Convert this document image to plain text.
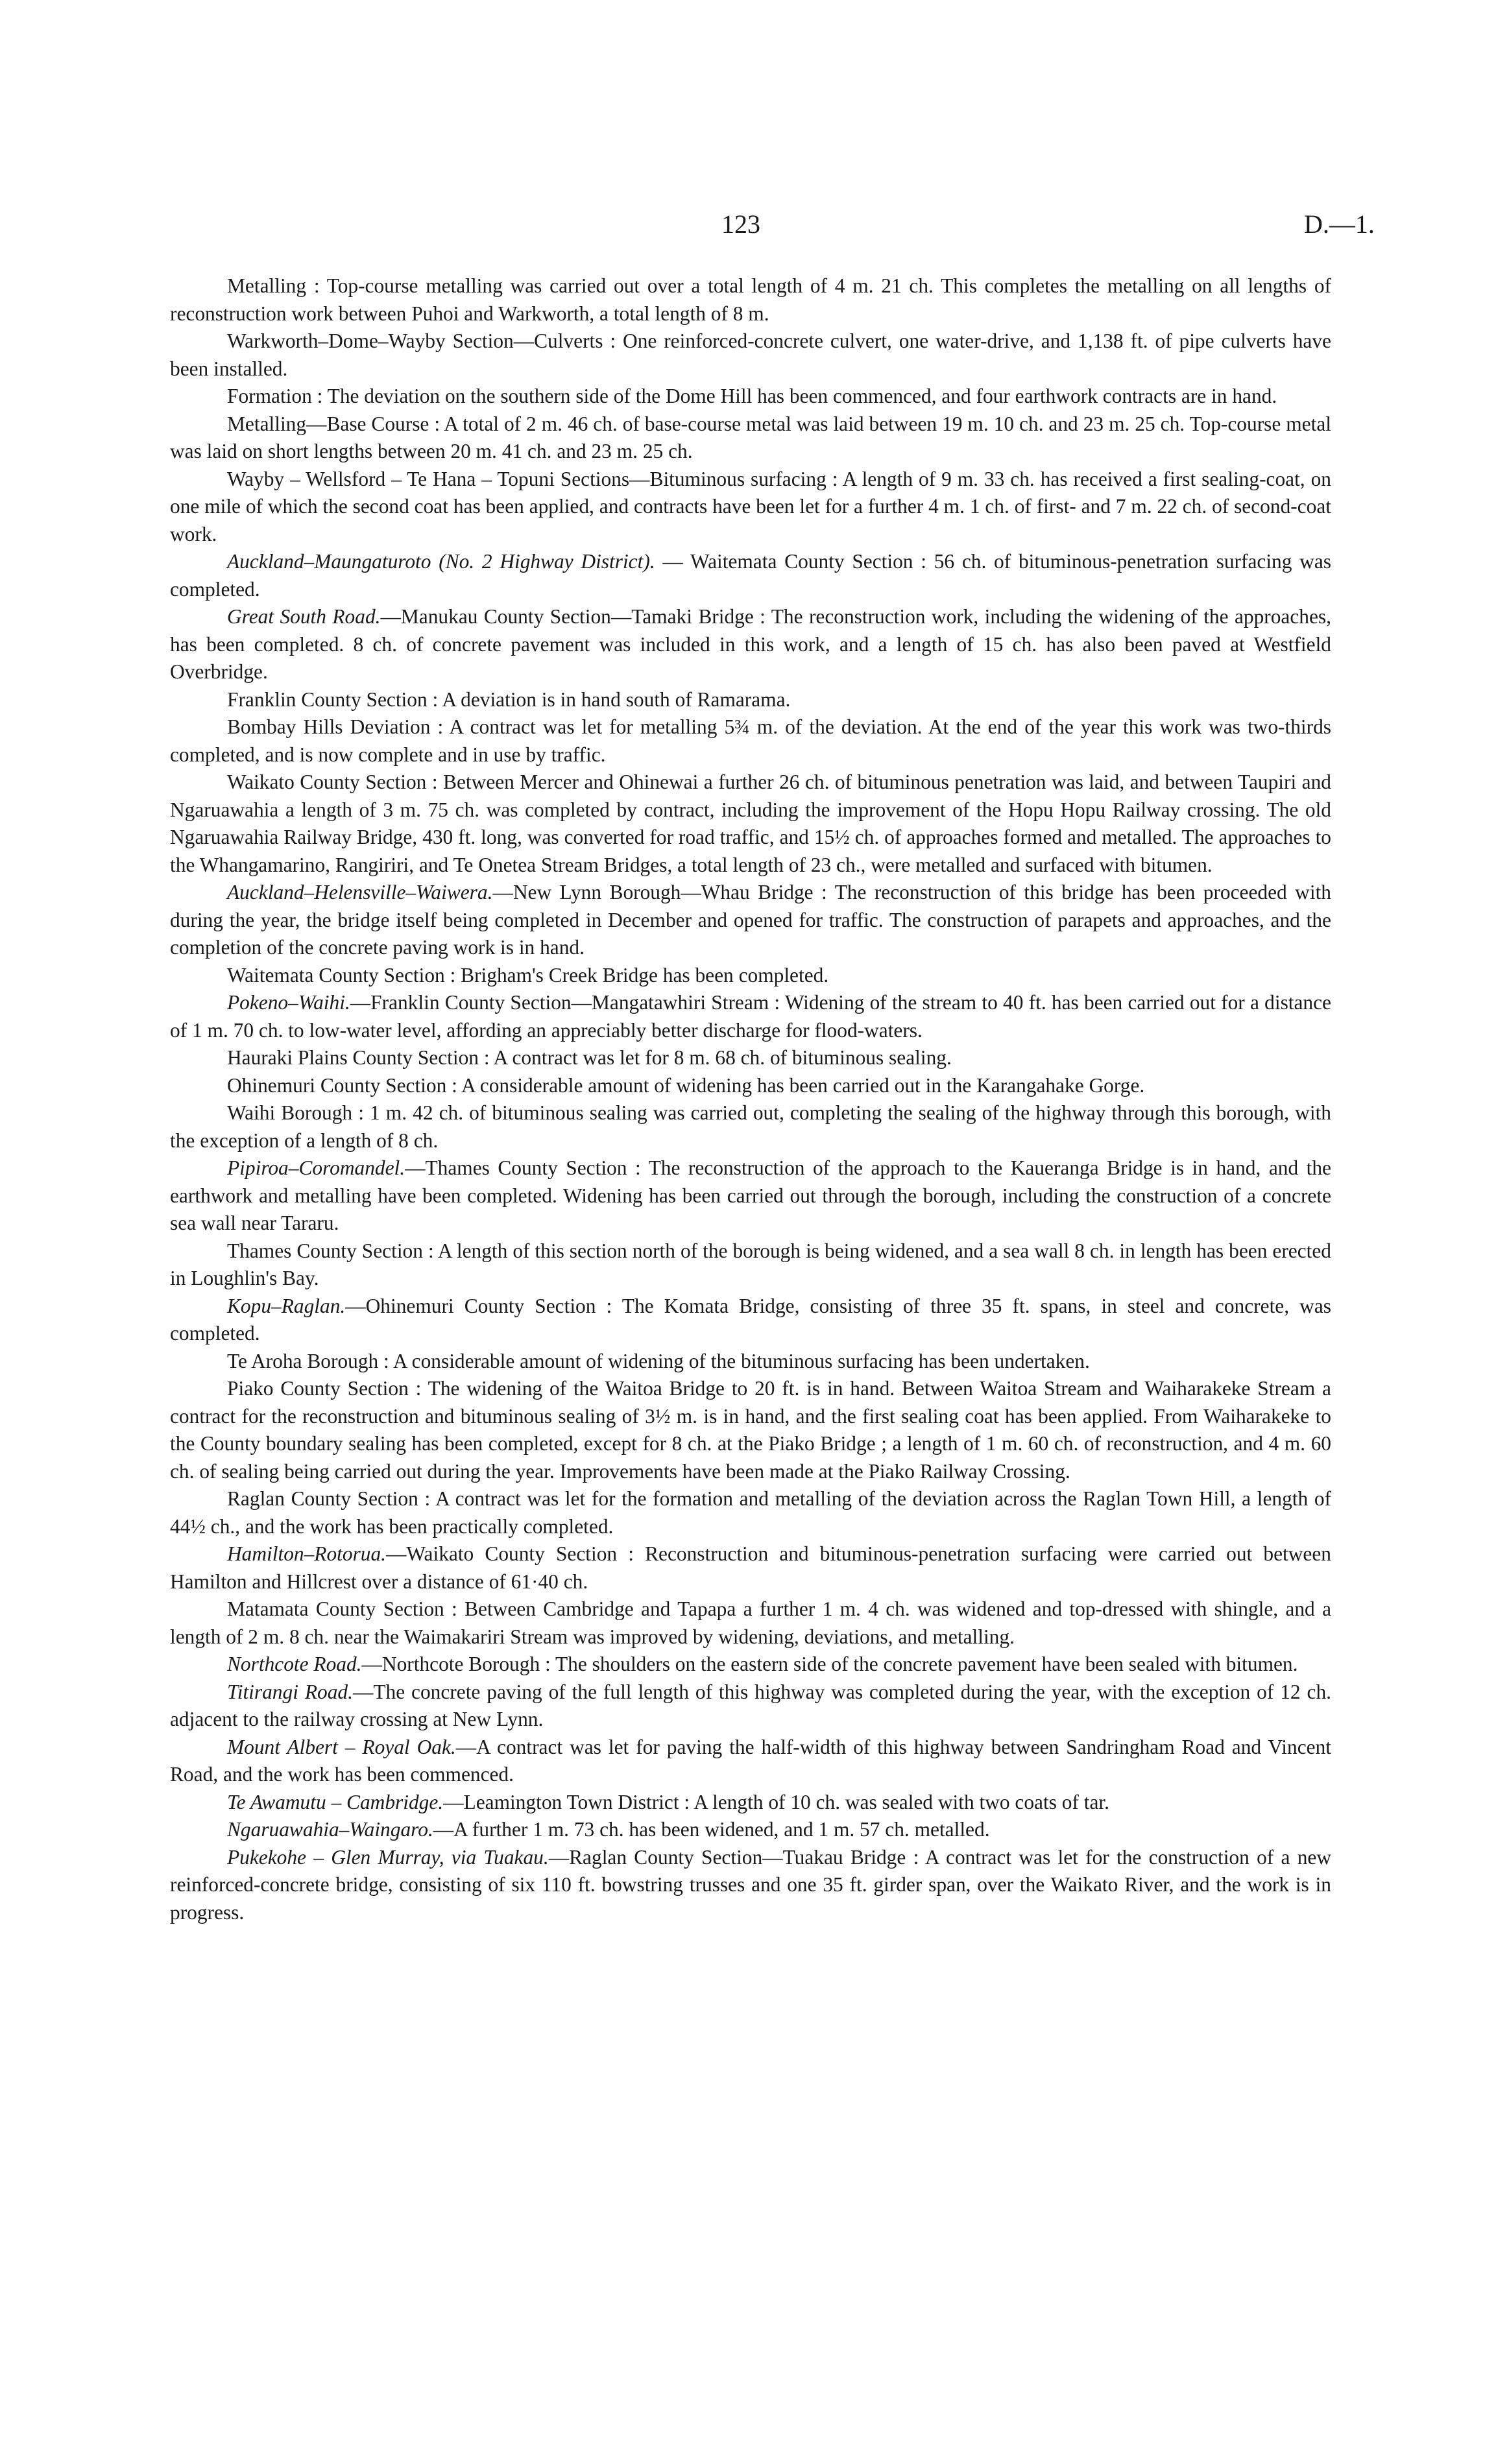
123	D.—1.

Metalling : Top-course metalling was carried out over a total length of 4 m. 21 ch. This completes the metalling on all lengths of reconstruction work between Puhoi and Warkworth, a total length of 8 m.

Warkworth–Dome–Wayby Section—Culverts : One reinforced-concrete culvert, one water-drive, and 1,138 ft. of pipe culverts have been installed.

Formation : The deviation on the southern side of the Dome Hill has been commenced, and four earthwork contracts are in hand.

Metalling—Base Course : A total of 2 m. 46 ch. of base-course metal was laid between 19 m. 10 ch. and 23 m. 25 ch. Top-course metal was laid on short lengths between 20 m. 41 ch. and 23 m. 25 ch.

Wayby – Wellsford – Te Hana – Topuni Sections—Bituminous surfacing : A length of 9 m. 33 ch. has received a first sealing-coat, on one mile of which the second coat has been applied, and contracts have been let for a further 4 m. 1 ch. of first- and 7 m. 22 ch. of second-coat work.

Auckland–Maungaturoto (No. 2 Highway District). — Waitemata County Section : 56 ch. of bituminous-penetration surfacing was completed.

Great South Road.—Manukau County Section—Tamaki Bridge : The reconstruction work, including the widening of the approaches, has been completed. 8 ch. of concrete pavement was included in this work, and a length of 15 ch. has also been paved at Westfield Overbridge.

Franklin County Section : A deviation is in hand south of Ramarama.

Bombay Hills Deviation : A contract was let for metalling 5¾ m. of the deviation. At the end of the year this work was two-thirds completed, and is now complete and in use by traffic.

Waikato County Section : Between Mercer and Ohinewai a further 26 ch. of bituminous penetration was laid, and between Taupiri and Ngaruawahia a length of 3 m. 75 ch. was completed by contract, including the improvement of the Hopu Hopu Railway crossing. The old Ngaruawahia Railway Bridge, 430 ft. long, was converted for road traffic, and 15½ ch. of approaches formed and metalled. The approaches to the Whangamarino, Rangiriri, and Te Onetea Stream Bridges, a total length of 23 ch., were metalled and surfaced with bitumen.

Auckland–Helensville–Waiwera.—New Lynn Borough—Whau Bridge : The reconstruction of this bridge has been proceeded with during the year, the bridge itself being completed in December and opened for traffic. The construction of parapets and approaches, and the completion of the concrete paving work is in hand.

Waitemata County Section : Brigham's Creek Bridge has been completed.

Pokeno–Waihi.—Franklin County Section—Mangatawhiri Stream : Widening of the stream to 40 ft. has been carried out for a distance of 1 m. 70 ch. to low-water level, affording an appreciably better discharge for flood-waters.

Hauraki Plains County Section : A contract was let for 8 m. 68 ch. of bituminous sealing.

Ohinemuri County Section : A considerable amount of widening has been carried out in the Karangahake Gorge.

Waihi Borough : 1 m. 42 ch. of bituminous sealing was carried out, completing the sealing of the highway through this borough, with the exception of a length of 8 ch.

Pipiroa–Coromandel.—Thames County Section : The reconstruction of the approach to the Kaueranga Bridge is in hand, and the earthwork and metalling have been completed. Widening has been carried out through the borough, including the construction of a concrete sea wall near Tararu.

Thames County Section : A length of this section north of the borough is being widened, and a sea wall 8 ch. in length has been erected in Loughlin's Bay.

Kopu–Raglan.—Ohinemuri County Section : The Komata Bridge, consisting of three 35 ft. spans, in steel and concrete, was completed.

Te Aroha Borough : A considerable amount of widening of the bituminous surfacing has been undertaken.

Piako County Section : The widening of the Waitoa Bridge to 20 ft. is in hand. Between Waitoa Stream and Waiharakeke Stream a contract for the reconstruction and bituminous sealing of 3½ m. is in hand, and the first sealing coat has been applied. From Waiharakeke to the County boundary sealing has been completed, except for 8 ch. at the Piako Bridge ; a length of 1 m. 60 ch. of reconstruction, and 4 m. 60 ch. of sealing being carried out during the year. Improvements have been made at the Piako Railway Crossing.

Raglan County Section : A contract was let for the formation and metalling of the deviation across the Raglan Town Hill, a length of 44½ ch., and the work has been practically completed.

Hamilton–Rotorua.—Waikato County Section : Reconstruction and bituminous-penetration surfacing were carried out between Hamilton and Hillcrest over a distance of 61·40 ch.

Matamata County Section : Between Cambridge and Tapapa a further 1 m. 4 ch. was widened and top-dressed with shingle, and a length of 2 m. 8 ch. near the Waimakariri Stream was improved by widening, deviations, and metalling.

Northcote Road.—Northcote Borough : The shoulders on the eastern side of the concrete pavement have been sealed with bitumen.

Titirangi Road.—The concrete paving of the full length of this highway was completed during the year, with the exception of 12 ch. adjacent to the railway crossing at New Lynn.

Mount Albert – Royal Oak.—A contract was let for paving the half-width of this highway between Sandringham Road and Vincent Road, and the work has been commenced.

Te Awamutu – Cambridge.—Leamington Town District : A length of 10 ch. was sealed with two coats of tar.

Ngaruawahia–Waingaro.—A further 1 m. 73 ch. has been widened, and 1 m. 57 ch. metalled.

Pukekohe – Glen Murray, via Tuakau.—Raglan County Section—Tuakau Bridge : A contract was let for the construction of a new reinforced-concrete bridge, consisting of six 110 ft. bowstring trusses and one 35 ft. girder span, over the Waikato River, and the work is in progress.
